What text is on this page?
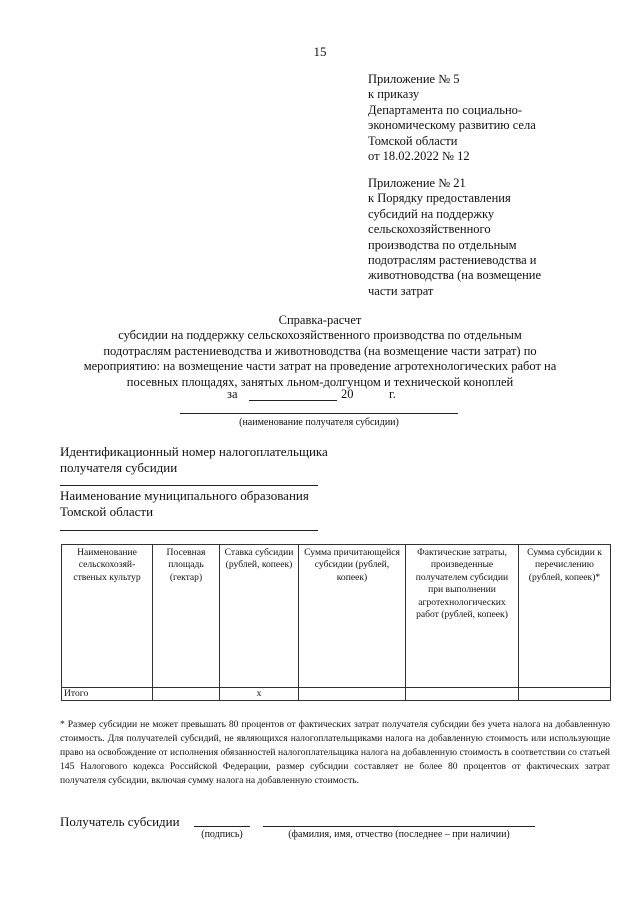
15
Приложение № 5
к приказу
Департамента по социально-
экономическому развитию села
Томской области
от 18.02.2022 № 12
Приложение № 21
к Порядку предоставления
субсидий на поддержку
сельскохозяйственного
производства по отдельным
подотраслям растениеводства и
животноводства (на возмещение
части затрат
Справка-расчет
субсидии на поддержку сельскохозяйственного производства по отдельным
подотраслям растениеводства и животноводства (на возмещение части затрат) по
мероприятию: на возмещение части затрат на проведение агротехнологических работ на
посевных площадях, занятых льном-долгунцом и технической коноплей
за	20	г.
(наименование получателя субсидии)
Идентификационный номер налогоплательщика
получателя субсидии
Наименование муниципального образования
Томской области
Наименование сельскохозяй-ственых культур	Посевная площадь (гектар)	Ставка субсидии (рублей, копеек)	Сумма причитающейся субсидии (рублей, копеек)	Фактические затраты, произведенные получателем субсидии при выполнении агротехнологических работ (рублей, копеек)	Сумма субсидии к перечислению (рублей, копеек)*
Итого		x			
* Размер субсидии не может превышать 80 процентов от фактических затрат получателя субсидии без учета налога на добавленную стоимость. Для получателей субсидий, не являющихся налогоплательщиками налога на добавленную стоимость или использующие право на освобождение от исполнения обязанностей налогоплательщика налога на добавленную стоимость в соответствии со статьей 145 Налогового кодекса Российской Федерации, размер субсидии составляет не более 80 процентов от фактических затрат получателя субсидии, включая сумму налога на добавленную стоимость.
Получатель субсидии
(подпись)	(фамилия, имя, отчество (последнее – при наличии)
